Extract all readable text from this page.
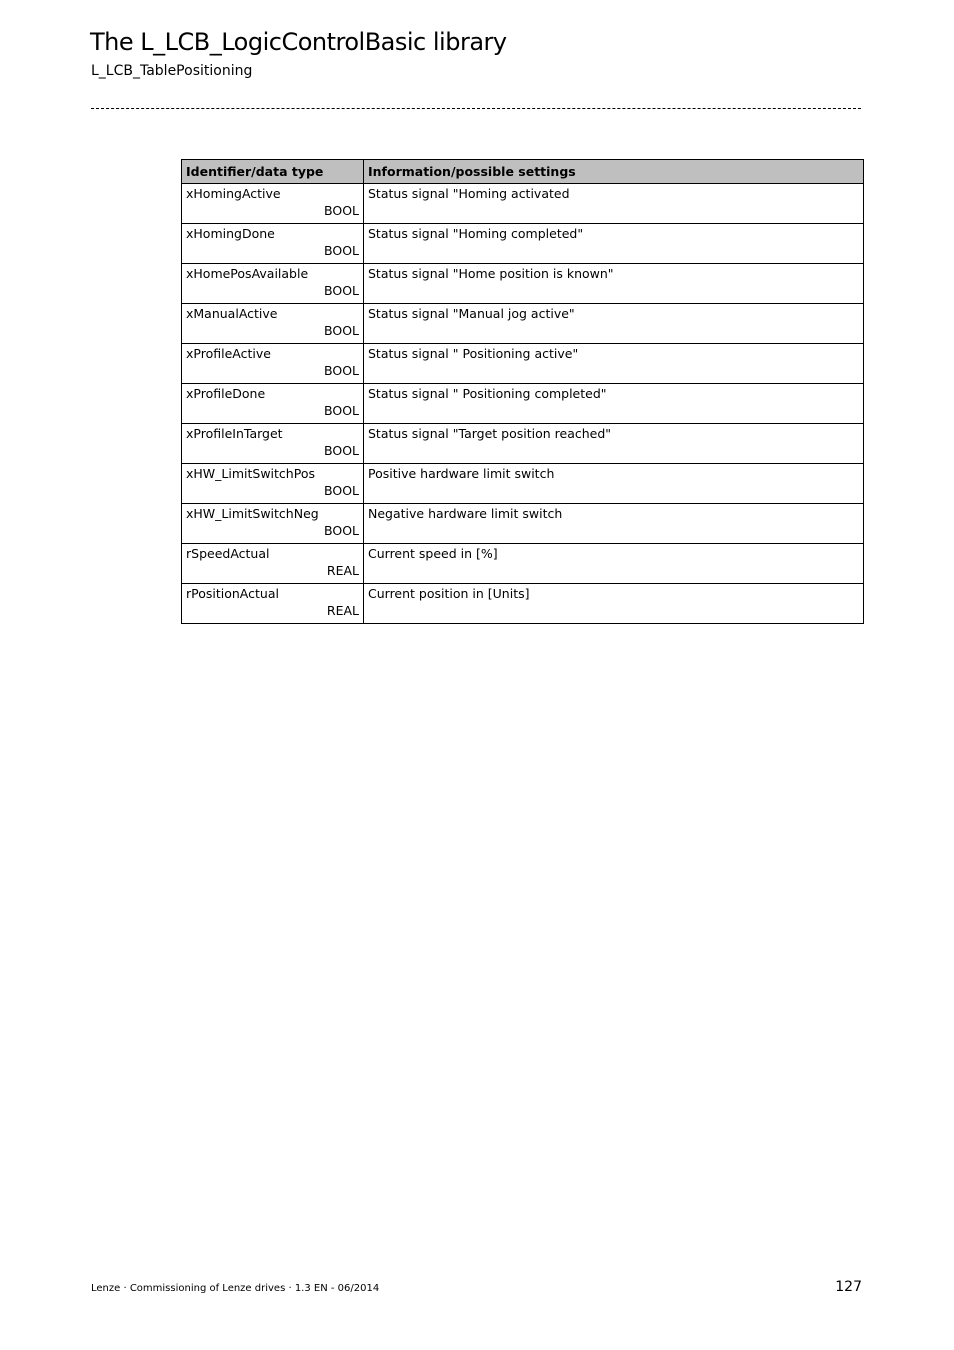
The L_LCB_LogicControlBasic library
L_LCB_TablePositioning
Identifier/data type	Information/possible settings

xHomingActive
BOOL	Status signal "Homing activated

xHomingDone
BOOL	Status signal "Homing completed"

xHomePosAvailable
BOOL	Status signal "Home position is known"

xManualActive
BOOL	Status signal "Manual jog active"

xProfileActive
BOOL	Status signal " Positioning active"

xProfileDone
BOOL	Status signal " Positioning completed"

xProfileInTarget
BOOL	Status signal "Target position reached"

xHW_LimitSwitchPos
BOOL	Positive hardware limit switch

xHW_LimitSwitchNeg
BOOL	Negative hardware limit switch

rSpeedActual
REAL	Current speed in [%]

rPositionActual
REAL	Current position in [Units]
Lenze · Commissioning of Lenze drives · 1.3 EN - 06/2014	127
